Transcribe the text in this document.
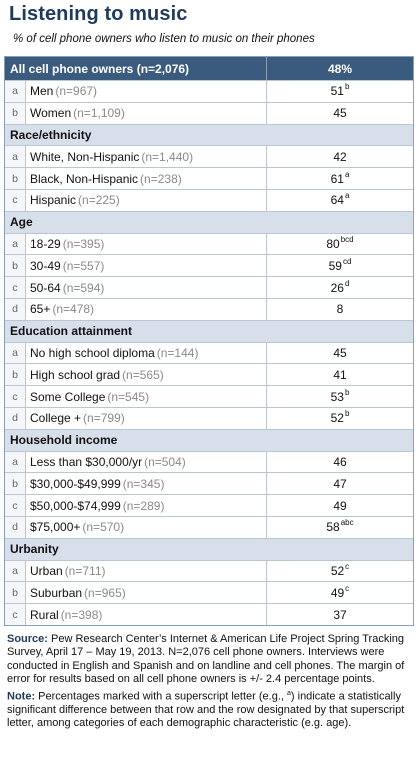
Listening to music
% of cell phone owners who listen to music on their phones
All cell phone owners (n=2,076)	48%
a	Men (n=967)	51$^b$
b	Women (n=1,109)	45
Race/ethnicity
a	White, Non-Hispanic (n=1,440)	42
b	Black, Non-Hispanic (n=238)	61$^a$
c	Hispanic (n=225)	64$^a$
Age
a	18-29 (n=395)	$80^{bcd}$
b	30-49 (n=557)	$59^{cd}$
c	50-64 (n=594)	26$^d$
d	65+ (n=478)	8
Education attainment
a	No high school diploma (n=144)	45
b	High school grad (n=565)	41
c	Some College (n=545)	53$^b$
d	College + (n=799)	52$^b$
Household income
a	Less than $30,000/yr (n=504)	46
b	$30,000-$49,999 (n=345)	47
c	$50,000-$74,999 (n=289)	49
d	$75,000+ (n=570)	$58^{abc}$
Urbanity
a	Urban (n=711)	52$^c$
b	Suburban (n=965)	49$^c$
c	Rural (n=398)	37
Source: Pew Research Center’s Internet & American Life Project Spring Tracking Survey, April 17 – May 19, 2013. N=2,076 cell phone owners. Interviews were conducted in English and Spanish and on landline and cell phones. The margin of error for results based on all cell phone owners is +/- 2.4 percentage points.
Note: Percentages marked with a superscript letter (e.g., $^a$) indicate a statistically significant difference between that row and the row designated by that superscript letter, among categories of each demographic characteristic (e.g. age).
